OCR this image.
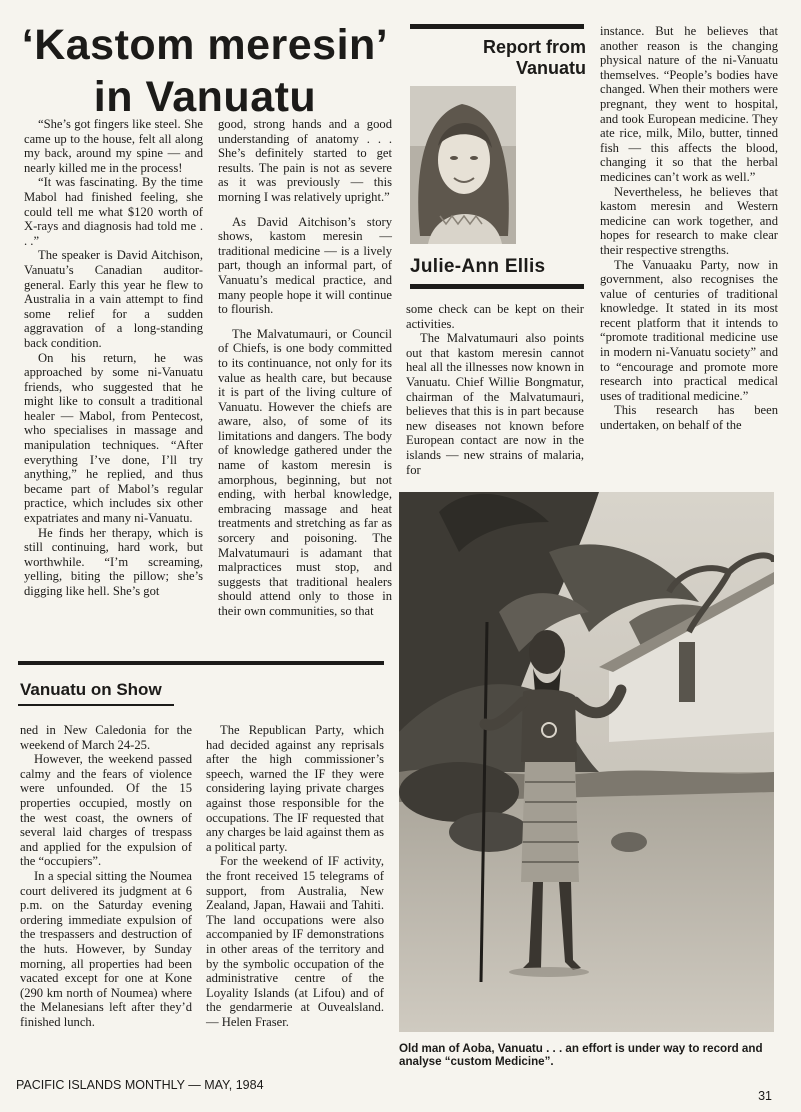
‘Kastom meresin’
in Vanuatu
Report from
Vanuatu
Julie-Ann Ellis

“She’s got fingers like steel. She came up to the house, felt all along my back, around my spine — and nearly killed me in the process!

“It was fascinating. By the time Mabol had finished feeling, she could tell me what $120 worth of X-rays and diagnosis had told me . . .”

The speaker is David Aitchison, Vanuatu’s Canadian auditor-general. Early this year he flew to Australia in a vain attempt to find some relief for a sudden aggravation of a long-standing back condition.

On his return, he was approached by some ni-Vanuatu friends, who suggested that he might like to consult a traditional healer — Mabol, from Pentecost, who specialises in massage and manipulation techniques. “After everything I’ve done, I’ll try anything,” he replied, and thus became part of Mabol’s regular practice, which includes six other expatriates and many ni-Vanuatu.

He finds her therapy, which is still continuing, hard work, but worthwhile. “I’m screaming, yelling, biting the pillow; she’s digging like hell. She’s got

good, strong hands and a good understanding of anatomy . . . She’s definitely started to get results. The pain is not as severe as it was previously — this morning I was relatively upright.”

As David Aitchison’s story shows, kastom meresin — traditional medicine — is a lively part, though an informal part, of Vanuatu’s medical practice, and many people hope it will continue to flourish.

The Malvatumauri, or Council of Chiefs, is one body committed to its continuance, not only for its value as health care, but because it is part of the living culture of Vanuatu. However the chiefs are aware, also, of some of its limitations and dangers. The body of knowledge gathered under the name of kastom meresin is amorphous, beginning, but not ending, with herbal knowledge, embracing massage and heat treatments and stretching as far as sorcery and poisoning. The Malvatumauri is adamant that malpractices must stop, and suggests that traditional healers should attend only to those in their own communities, so that

some check can be kept on their activities.

The Malvatumauri also points out that kastom meresin cannot heal all the illnesses now known in Vanuatu. Chief Willie Bongmatur, chairman of the Malvatumauri, believes that this is in part because new diseases not known before European contact are now in the islands — new strains of malaria, for

instance. But he believes that another reason is the changing physical nature of the ni-Vanuatu themselves. “People’s bodies have changed. When their mothers were pregnant, they went to hospital, and took European medicine. They ate rice, milk, Milo, butter, tinned fish — this affects the blood, changing it so that the herbal medicines can’t work as well.”

Nevertheless, he believes that kastom meresin and Western medicine can work together, and hopes for research to make clear their respective strengths.

The Vanuaaku Party, now in government, also recognises the value of centuries of traditional knowledge. It stated in its most recent platform that it intends to “promote traditional medicine use in modern ni-Vanuatu society” and to “encourage and promote more research into practical medical uses of traditional medicine.”

This research has been undertaken, on behalf of the

Vanuatu on Show

ned in New Caledonia for the weekend of March 24-25.

However, the weekend passed calmy and the fears of violence were unfounded. Of the 15 properties occupied, mostly on the west coast, the owners of several laid charges of trespass and applied for the expulsion of the “occupiers”.

In a special sitting the Noumea court delivered its judgment at 6 p.m. on the Saturday evening ordering immediate expulsion of the trespassers and destruction of the huts. However, by Sunday morning, all properties had been vacated except for one at Kone (290 km north of Noumea) where the Melanesians left after they’d finished lunch.

The Republican Party, which had decided against any reprisals after the high commissioner’s speech, warned the IF they were considering laying private charges against those responsible for the occupations. The IF requested that any charges be laid against them as a political party.

For the weekend of IF activity, the front received 15 telegrams of support, from Australia, New Zealand, Japan, Hawaii and Tahiti. The land occupations were also accompanied by IF demonstrations in other areas of the territory and by the symbolic occupation of the administrative centre of the Loyality Islands (at Lifou) and of the gendarmerie at Ouvealsland. — Helen Fraser.

Old man of Aoba, Vanuatu . . . an effort is under way to record and analyse “custom Medicine”.
PACIFIC ISLANDS MONTHLY — MAY, 1984
31
